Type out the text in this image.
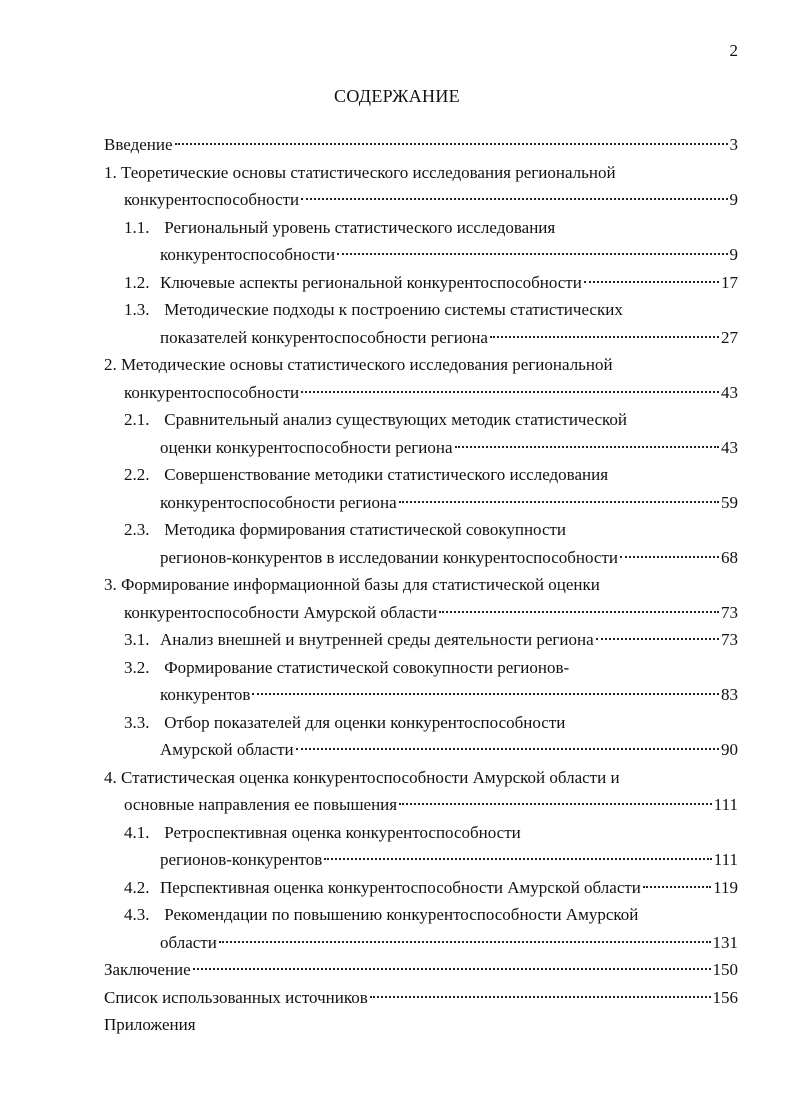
2
СОДЕРЖАНИЕ
Введение	3
1. Теоретические основы статистического исследования региональной
конкурентоспособности	9
1.1. Региональный уровень статистического исследования
конкурентоспособности	9
1.2. Ключевые аспекты региональной конкурентоспособности	17
1.3. Методические подходы к построению системы статистических
показателей конкурентоспособности региона	27
2. Методические основы статистического исследования региональной
конкурентоспособности	43
2.1. Сравнительный анализ существующих методик статистической
оценки конкурентоспособности региона	43
2.2. Совершенствование методики статистического исследования
конкурентоспособности региона	59
2.3. Методика формирования статистической совокупности
регионов-конкурентов в исследовании конкурентоспособности	68
3. Формирование информационной базы для статистической оценки
конкурентоспособности Амурской области	73
3.1. Анализ внешней и внутренней среды деятельности региона	73
3.2. Формирование статистической совокупности регионов-
конкурентов	83
3.3. Отбор показателей для оценки конкурентоспособности
Амурской области	90
4. Статистическая оценка конкурентоспособности Амурской области и
основные направления ее повышения	111
4.1. Ретроспективная оценка конкурентоспособности
регионов-конкурентов	111
4.2. Перспективная оценка конкурентоспособности Амурской области	119
4.3. Рекомендации по повышению конкурентоспособности Амурской
области	131
Заключение	150
Список использованных источников	156
Приложения
